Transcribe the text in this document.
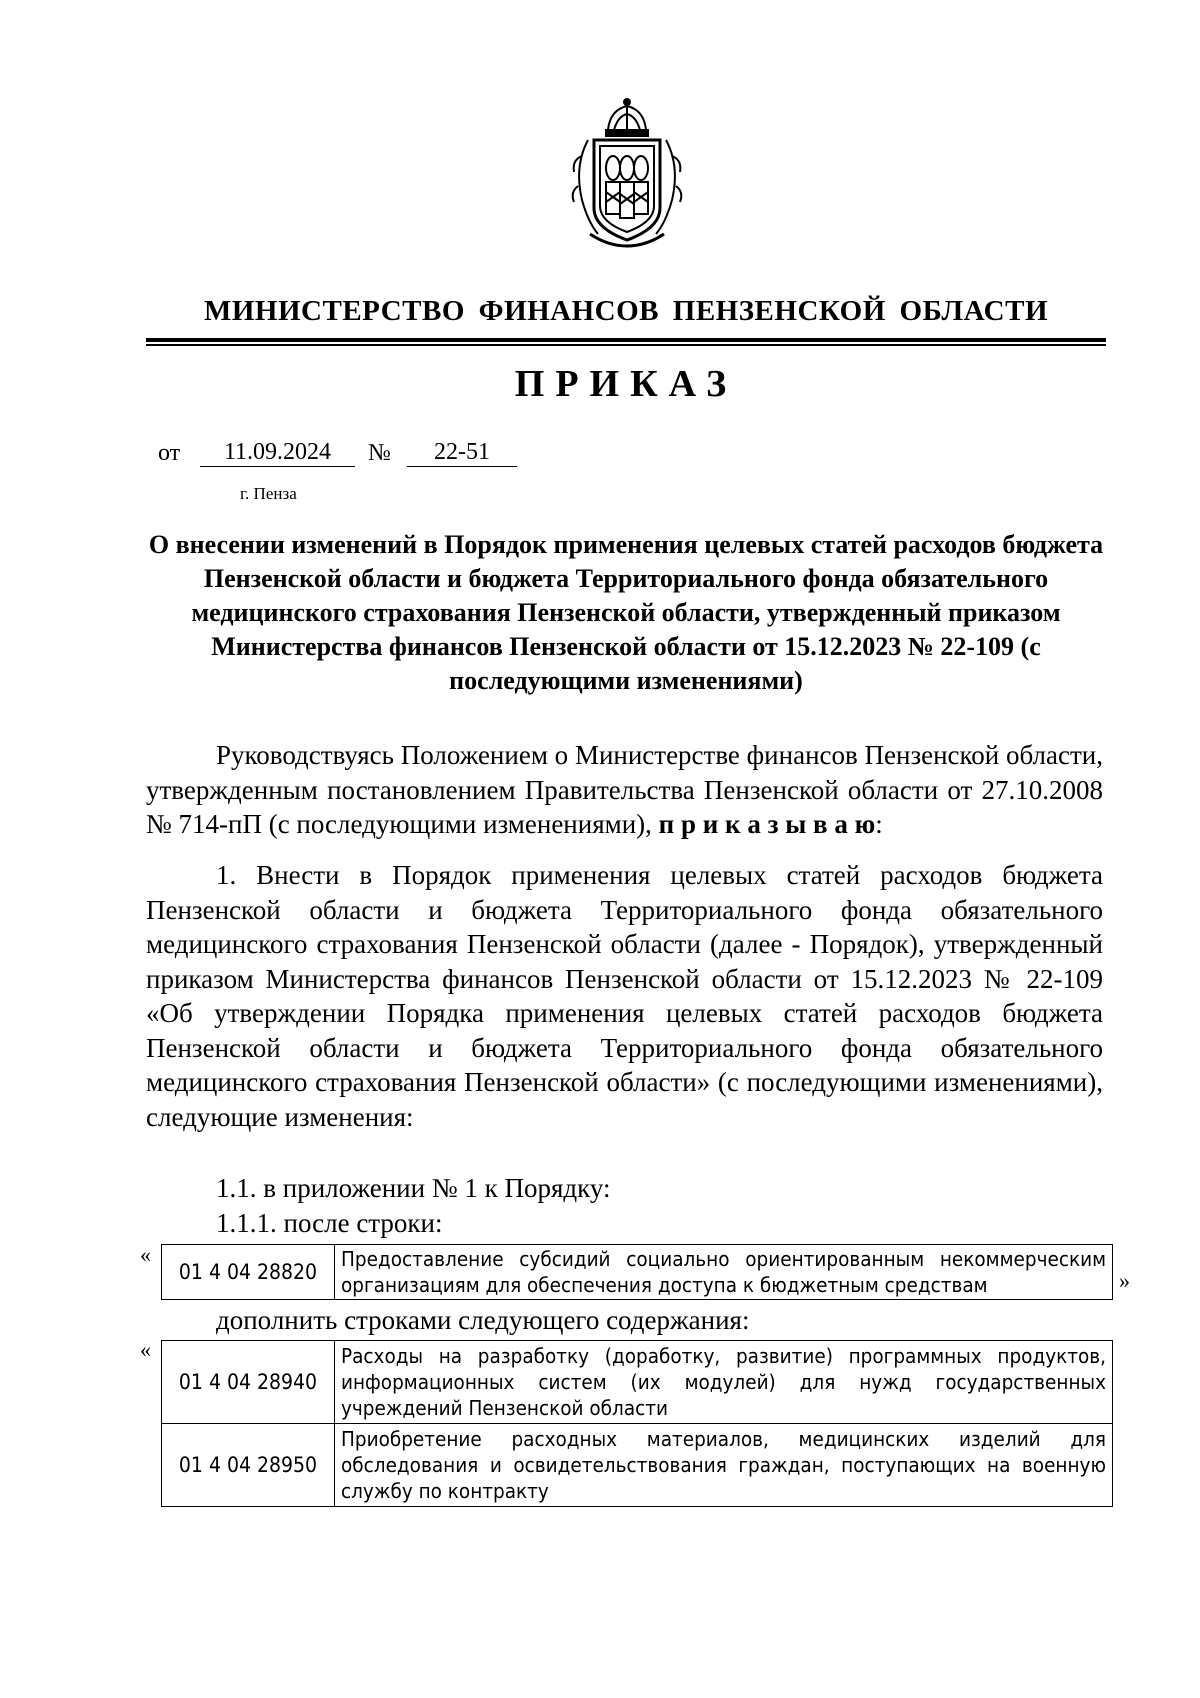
МИНИСТЕРСТВО ФИНАНСОВ ПЕНЗЕНСКОЙ ОБЛАСТИ
ПРИКАЗ
от	11.09.2024	№	22-51
г. Пенза
О внесении изменений в Порядок применения целевых статей расходов бюджета Пензенской области и бюджета Территориального фонда обязательного медицинского страхования Пензенской области, утвержденный приказом Министерства финансов Пензенской области от 15.12.2023 № 22-109 (с последующими изменениями)
Руководствуясь Положением о Министерстве финансов Пензенской области, утвержденным постановлением Правительства Пензенской области от 27.10.2008 № 714-пП (с последующими изменениями), п р и к а з ы в а ю:
1. Внести в Порядок применения целевых статей расходов бюджета Пензенской области и бюджета Территориального фонда обязательного медицинского страхования Пензенской области (далее - Порядок), утвержденный приказом Министерства финансов Пензенской области от 15.12.2023 № 22-109 «Об утверждении Порядка применения целевых статей расходов бюджета Пензенской области и бюджета Территориального фонда обязательного медицинского страхования Пензенской области» (с последующими изменениями), следующие изменения:
1.1. в приложении № 1 к Порядку:
1.1.1. после строки:
«
01 4 04 28820	Предоставление субсидий социально ориентированным некоммерческим организациям для обеспечения доступа к бюджетным средствам	»
дополнить строками следующего содержания:
«
01 4 04 28940	Расходы на разработку (доработку, развитие) программных продуктов, информационных систем (их модулей) для нужд государственных учреждений Пензенской области
01 4 04 28950	Приобретение расходных материалов, медицинских изделий для обследования и освидетельствования граждан, поступающих на военную службу по контракту
